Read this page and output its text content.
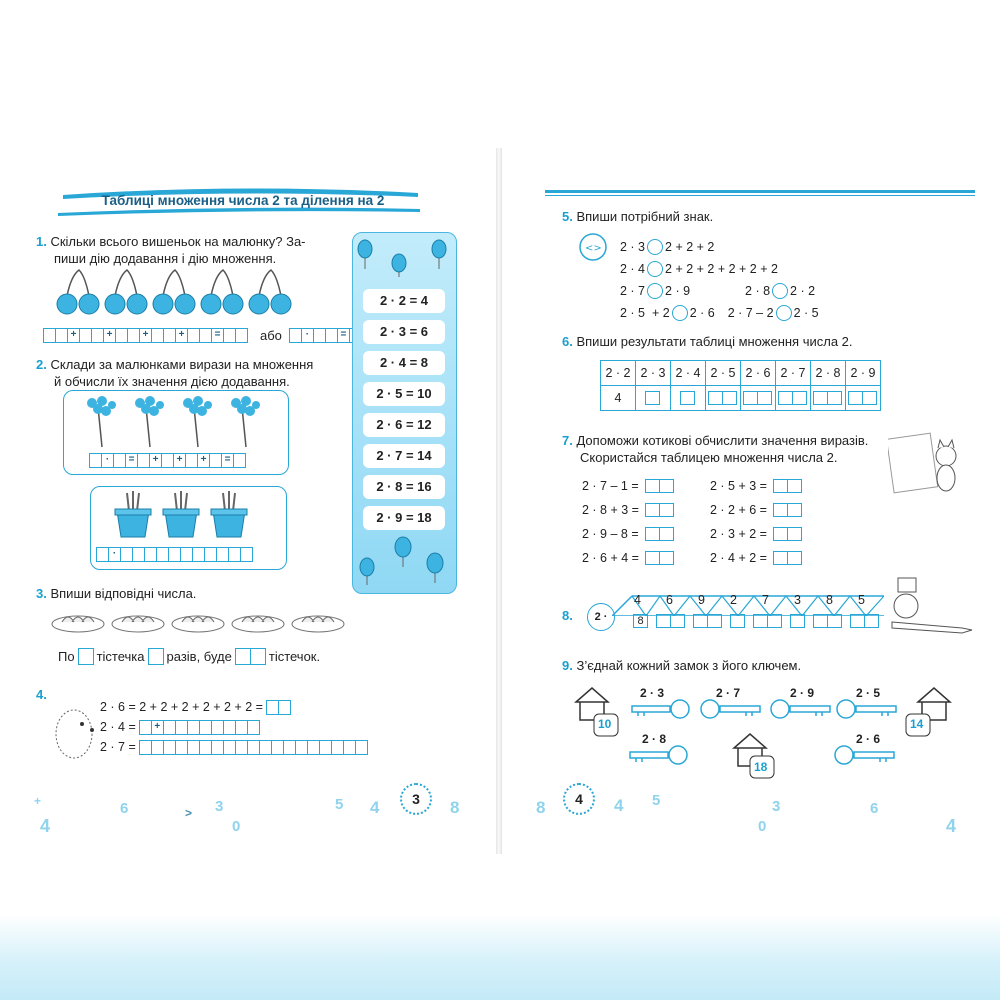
Таблиці множення числа 2 та ділення на 2
1. Скільки всього вишеньок на малюнку? За-
пиши дію додавання і дію множення.
+	+	+	+	=	або	·	=
2. Склади за малюнками вирази на множення
й обчисли їх значення дією додавання.
·	=	+	+	+	=
·
2 · 2 = 4
2 · 3 = 6
2 · 4 = 8
2 · 5 = 10
2 · 6 = 12
2 · 7 = 14
2 · 8 = 16
2 · 9 = 18
3. Впиши відповідні числа.
По тістечка разів, буде	тістечок.
4.
2 · 6 = 2 + 2 + 2 + 2 + 2 + 2 =
2 · 4 =	+
2 · 7 =
5. Впиши потрібний знак.
<> 2 · 3 2 + 2 + 2
2 · 4 2 + 2 + 2 + 2 + 2 + 2
2 · 7 2 · 9	2 · 8 2 · 2
2 · 5  + 2 2 · 6	2 · 7 – 2 2 · 5
6. Впиши результати таблиці множення числа 2.
2 · 2	2 · 3	2 · 4	2 · 5	2 · 6	2 · 7	2 · 8	2 · 9
4							
7. Допоможи котикові обчислити значення виразів.
Скористайся таблицею множення числа 2.
2 · 7 – 1 =
2 · 8 + 3 =
2 · 9 – 8 =
2 · 6 + 4 =
2 · 5 + 3 =
2 · 2 + 6 =
2 · 3 + 2 =
2 · 4 + 2 =
8.	2 ·
4	6	9	2	7	3	8	5
8
9. З’єднай кожний замок з його ключем.
10	14
18
2 · 3	2 · 7	2 · 9	2 · 5
2 · 8	2 · 6
+
4
6	> 3
0
5 4	8	8	4 5
0
3	6
4
3	4
